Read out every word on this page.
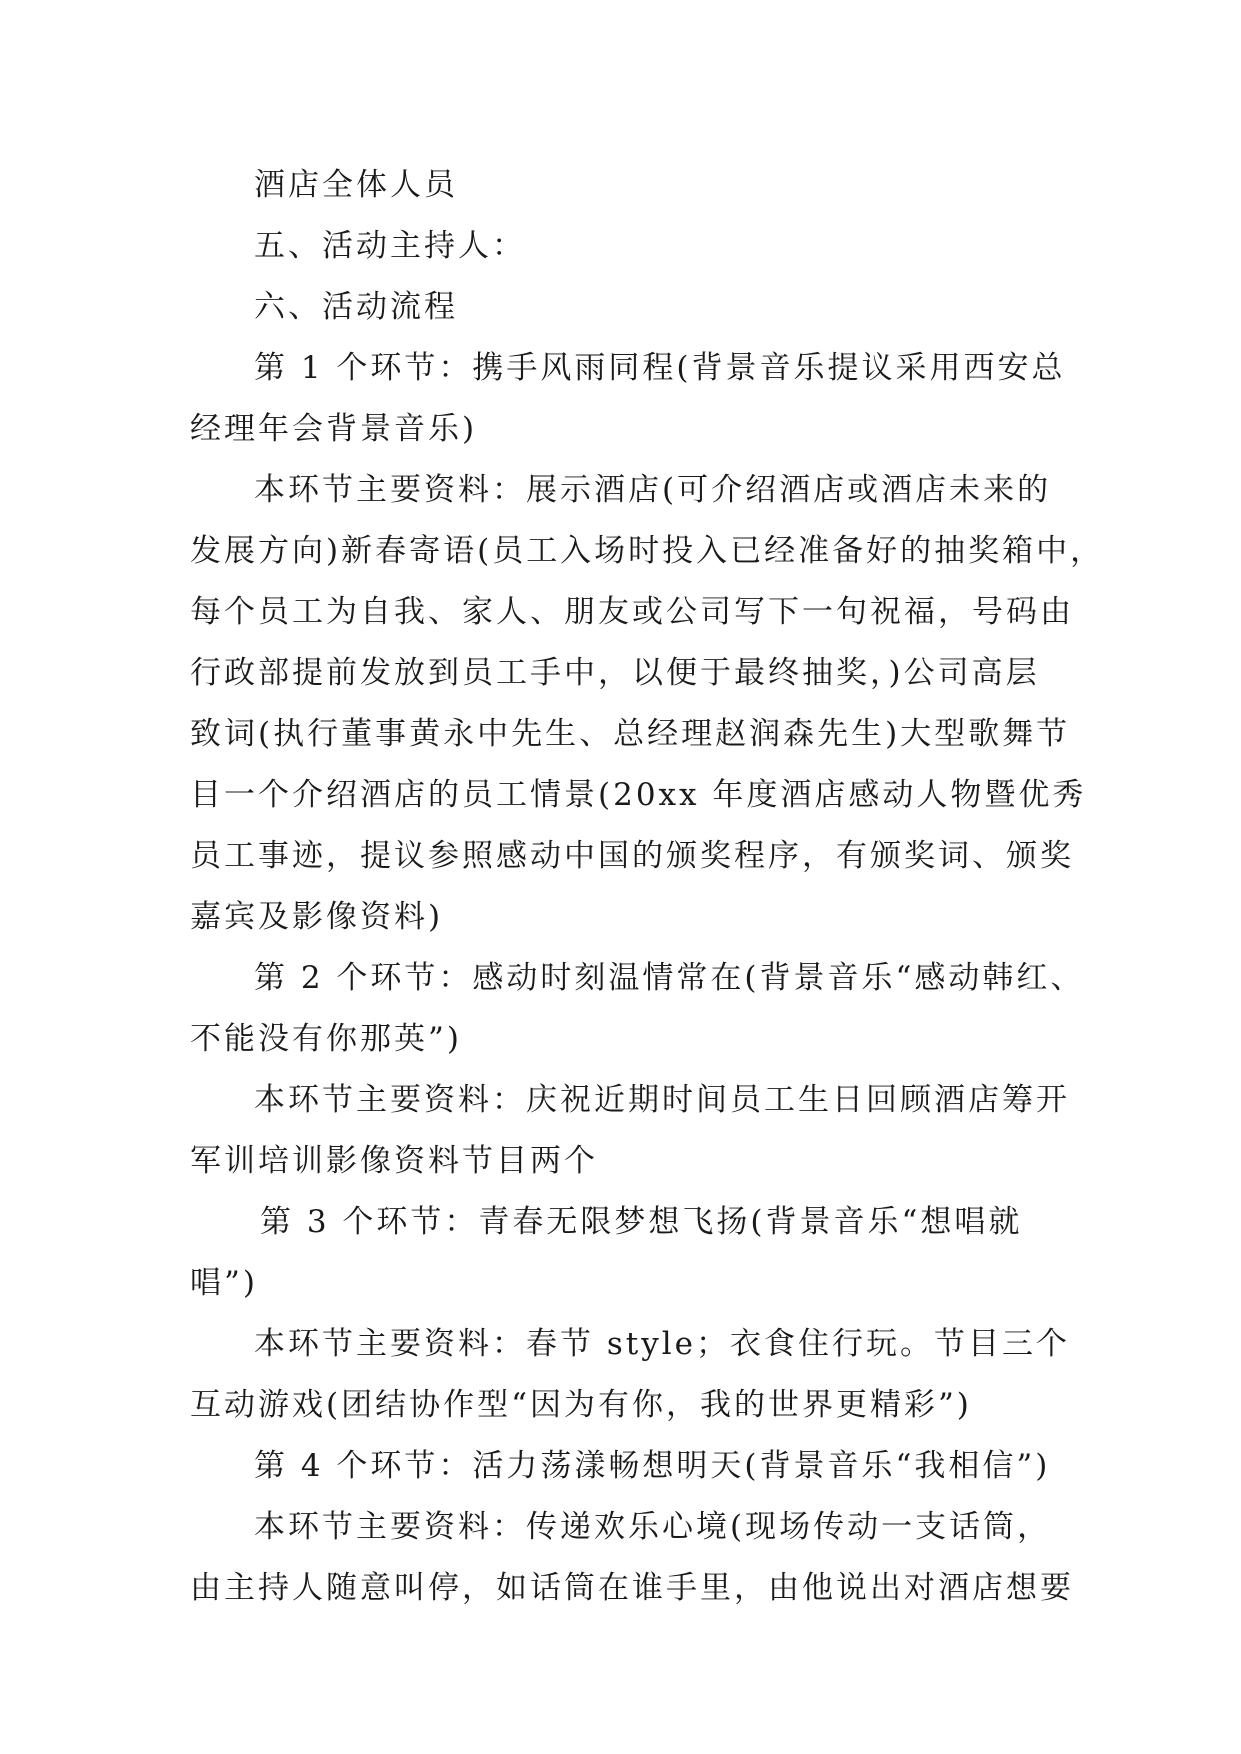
酒店全体人员
五、活动主持人：
六、活动流程
第 1 个环节：携手风雨同程(背景音乐提议采用西安总
经理年会背景音乐)
本环节主要资料：展示酒店(可介绍酒店或酒店未来的
发展方向)新春寄语(员工入场时投入已经准备好的抽奖箱中，
每个员工为自我、家人、朋友或公司写下一句祝福，号码由
行政部提前发放到员工手中，以便于最终抽奖，)公司高层
致词(执行董事黄永中先生、总经理赵润森先生)大型歌舞节
目一个介绍酒店的员工情景(20xx 年度酒店感动人物暨优秀
员工事迹，提议参照感动中国的颁奖程序，有颁奖词、颁奖
嘉宾及影像资料)
第 2 个环节：感动时刻温情常在(背景音乐“感动韩红、
不能没有你那英”)
本环节主要资料：庆祝近期时间员工生日回顾酒店筹开
军训培训影像资料节目两个
第 3 个环节：青春无限梦想飞扬(背景音乐“想唱就
唱”)
本环节主要资料：春节 style；衣食住行玩。节目三个
互动游戏(团结协作型“因为有你，我的世界更精彩”)
第 4 个环节：活力荡漾畅想明天(背景音乐“我相信”)
本环节主要资料：传递欢乐心境(现场传动一支话筒，
由主持人随意叫停，如话筒在谁手里，由他说出对酒店想要
